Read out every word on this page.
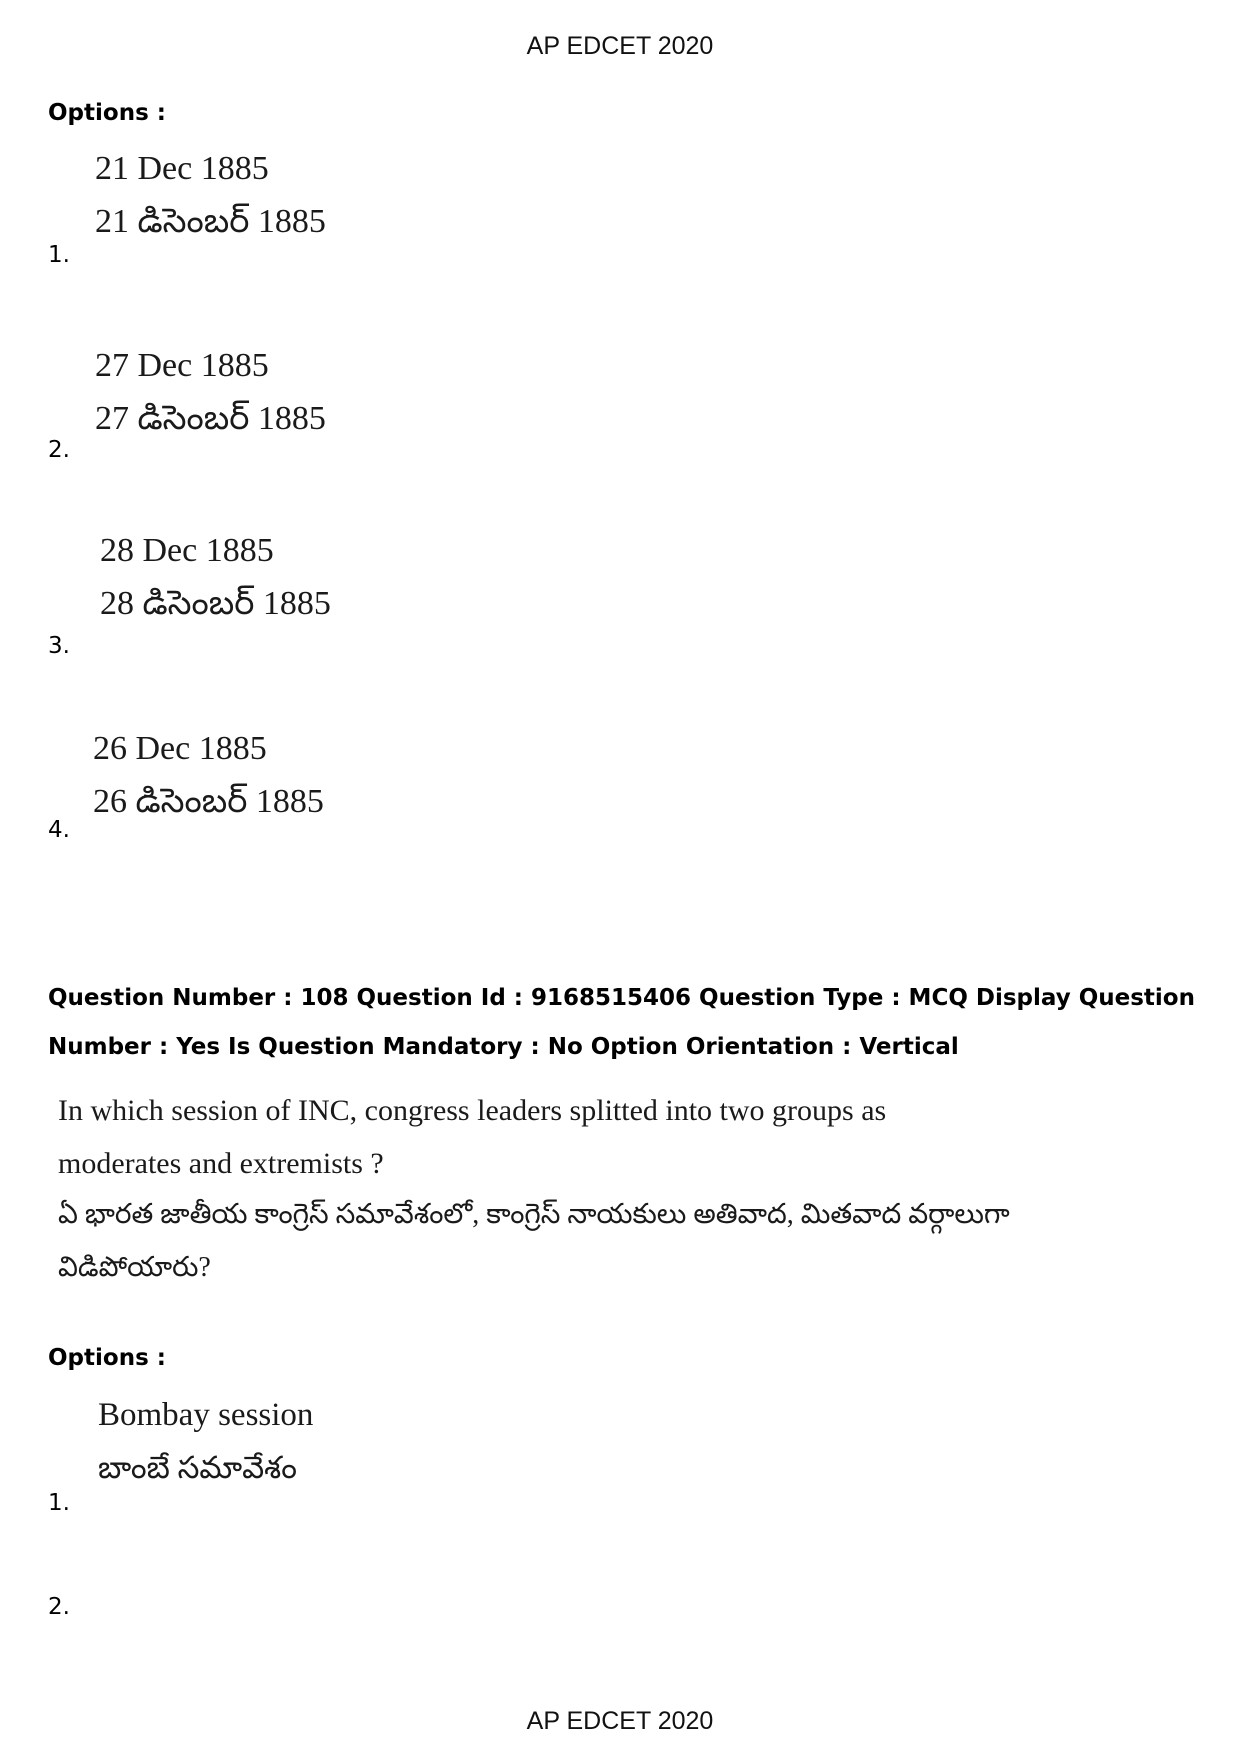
AP EDCET 2020
Options :
21 Dec 1885
21 డిసెంబర్ 1885
1.
27 Dec 1885
27 డిసెంబర్ 1885
2.
28 Dec 1885
28 డిసెంబర్ 1885
3.
26 Dec 1885
26 డిసెంబర్ 1885
4.
Question Number : 108 Question Id : 9168515406 Question Type : MCQ Display Question
Number : Yes Is Question Mandatory : No Option Orientation : Vertical
In which session of INC, congress leaders splitted into two groups as
moderates and extremists ?
ఏ భారత జాతీయ కాంగ్రెస్ సమావేశంలో, కాంగ్రెస్ నాయకులు అతివాద, మితవాద వర్గాలుగా
విడిపోయారు?
Options :
Bombay session
బాంబే సమావేశం
1.
2.
AP EDCET 2020
